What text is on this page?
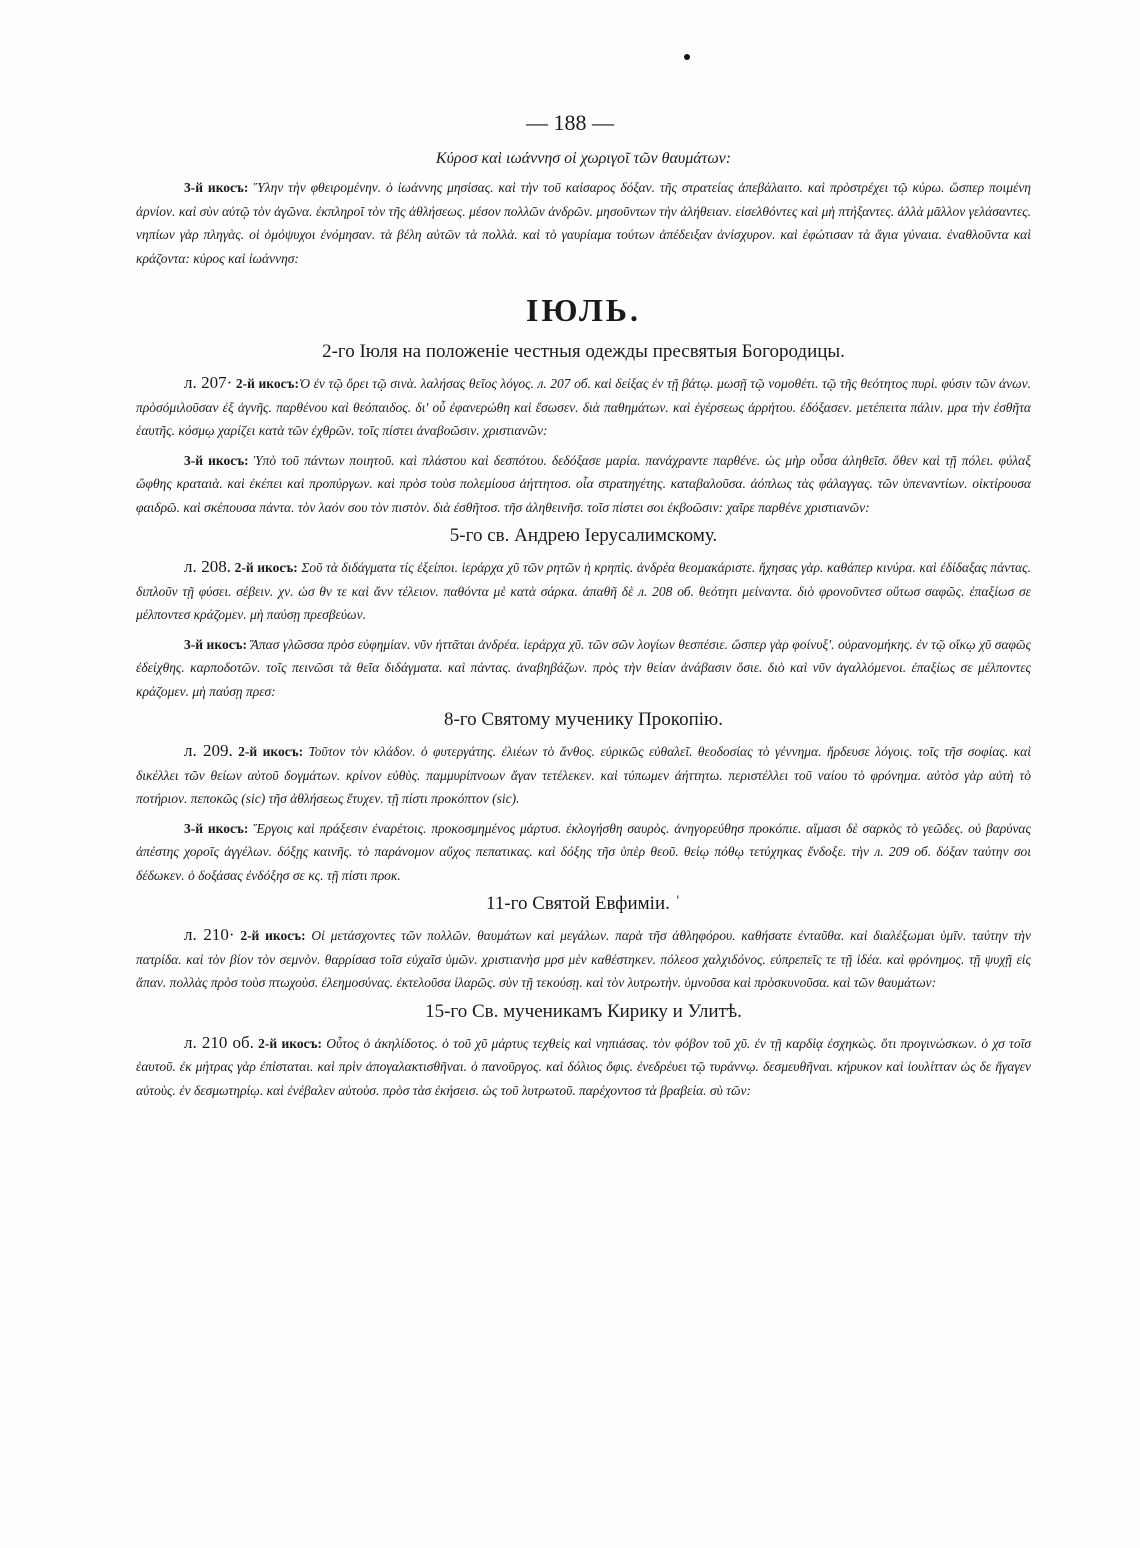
— 188 —
Κύροσ καὶ ιωάννησ οἱ χωριγοῖ τῶν θαυμάτων:

3-й икосъ: Ὕλην τὴν φθειρομένην. ὁ ἰωάννης μησίσας. καὶ τὴν τοῦ καίσαρος δόξαν. τῆς στρατείας ἀπεβάλαιτο. καὶ πρὸστρέχει τῷ κύρω. ὥσπερ ποιμένη ἀρνίον. καὶ σὺν αὐτῷ τὸν ἀγῶνα. ἐκπληροῖ τὸν τῆς ἀθλήσεως. μέσον πολλῶν ἀνδρῶν. μησοῦντων τὴν ἀλήθειαν. εἰσελθόντες καὶ μὴ πτήξαντες. ἀλλὰ μᾶλλον γελάσαντες. νηπίων γὰρ πληγὰς. οἱ ὁμόψυχοι ἐνόμησαν. τὰ βέλη αὐτῶν τὰ πολλὰ. καὶ τὸ γαυρίαμα τούτων ἀπέδειξαν ἀνίσχυρον. καὶ ἐφώτισαν τὰ ἅγια γύναια. ἐναθλοῦντα καὶ κράζοντα: κύρος καὶ ἰωάννησ:

IЮЛЬ.
2-го Іюля на положеніе честныя одежды пресвятыя Богородицы.

л. 207· 2-й икосъ:Ὁ ἐν τῷ ὄρει τῷ σινὰ. λαλήσας θεῖος λόγος. л. 207 об. καὶ δείξας ἐν τῇ βάτῳ. μωσῇ τῷ νομοθέτι. τῷ τῆς θεότητος πυρὶ. φύσιν τῶν ἀνων. πρὸσόμιλοῦσαν ἐξ ἁγνῆς. παρθένου καὶ θεόπαιδος. δι' οὗ ἐφανερώθη καὶ ἔσωσεν. διὰ παθημάτων. καὶ ἐγέρσεως ἀρρήτου. ἐδόξασεν. μετέπειτα πάλιν. μρα τὴν ἐσθῆτα ἑαυτῆς. κόσμῳ χαρίζει κατὰ τῶν ἐχθρῶν. τοῖς πίστει ἀναβοῶσιν. χριστιανῶν:

3-й икосъ: Ὑπὸ τοῦ πάντων ποιητοῦ. καὶ πλάστου καὶ δεσπότου. δεδόξασε μαρία. πανάχραντε παρθένε. ὡς μὴρ οὖσα ἀληθεῖσ. ὅθεν καὶ τῇ πόλει. φύλαξ ὤφθης κραταιὰ. καὶ ἐκέπει καὶ προπύργων. καὶ πρὸσ τοὺσ πολεμίουσ ἀήττητοσ. οἷα στρατηγέτης. καταβαλοῦσα. ἀόπλως τὰς φάλαγγας. τῶν ὑπεναντίων. οἰκτίρουσα φαιδρῶ. καὶ σκέπουσα πάντα. τὸν λαόν σου τὸν πιστὸν. διὰ ἐσθῆτοσ. τῆσ ἀληθεινῆσ. τοῖσ πίστει σοι ἐκβοῶσιν: χαῖρε παρθένε χριστιανῶν:

5-го св. Андрею Іерусалимскому.

л. 208. 2-й икосъ: Σοῦ τὰ διδάγματα τίς ἐξείποι. ἱεράρχα χῦ τῶν ρητῶν ἡ κρηπὶς. ἀνδρέα θεομακάριστε. ἤχησας γὰρ. καθάπερ κινύρα. καὶ ἐδίδαξας πάντας. διπλοῦν τῇ φύσει. σέβειν. χν. ὡσ θν τε καὶ ἄνν τέλειον. παθόντα μὲ κατὰ σάρκα. ἀπαθῆ δὲ л. 208 об. θεότητι μείναντα. διὸ φρονοῦντεσ οὕτωσ σαφῶς. ἐπαξίωσ σε μέλποντεσ κράζομεν. μὴ παύσῃ πρεσβεύων.

3-й икосъ: Ἅπασ γλῶσσα πρὸσ εὐφημίαν. νῦν ἡττᾶται ἀνδρέα. ἱεράρχα χῦ. τῶν σῶν λογίων θεσπέσιε. ὥσπερ γὰρ φοίνυξ'. οὐρανομήκης. ἐν τῷ οἴκῳ χῦ σαφῶς ἐδείχθης. καρποδοτῶν. τοῖς πεινῶσι τὰ θεῖα διδάγματα. καὶ πάντας. ἀναβηβάζων. πρὸς τὴν θείαν ἀνάβασιν ὅσιε. διὸ καὶ νῦν ἀγαλλόμενοι. ἐπαξίως σε μέλποντες κράζομεν. μὴ παύσῃ πρεσ:

8-го Святому мученику Прокопію.

л. 209. 2-й икосъ: Τοῦτον τὸν κλάδον. ὁ φυτεργάτης. ἐλιέων τὸ ἄνθος. εὐρικῶς εὐθαλεῖ. θεοδοσίας τὸ γέννημα. ἤρδευσε λόγοις. τοῖς τῆσ σοφίας. καὶ δικέλλει τῶν θείων αὐτοῦ δογμάτων. κρίνον εὐθὺς. παμμυρίπνοων ἄγαν τετέλεκεν. καὶ τύπωμεν ἀήττητω. περιστέλλει τοῦ ναίου τὸ φρόνημα. αὐτὸσ γὰρ αὐτὴ τὸ ποτήριον. πεπoκῶς (sic) τῆσ ἀθλήσεως ἔτυχεν. τῇ πίστι προκόπτον (sic).

3-й икосъ: Ἔργοις καὶ πράξεσιν ἐναρέτοις. προκοσμημένος μάρτυσ. ἐκλογήσθη σαυρὸς. ἀνηγορεύθησ προκόπιε. αἵμασι δὲ σαρκὸς τὸ γεῶδες. οὐ βαρύνας ἀπέστης χοροῖς ἀγγέλων. δόξῃς καινῆς. τὸ παράνομον αὔχος πεπατικας. καὶ δόξης τῆσ ὑπὲρ θεοῦ. θείῳ πόθῳ τετύχηκας ἔνδοξε. τὴν л. 209 об. δόξαν ταύτην σοι δέδωκεν. ὁ δοξάσας ἐνδόξησ σε κς. τῇ πίστι προκ.

11-го Святой Евфиміи. ˈ

л. 210· 2-й икосъ: Οἱ μετάσχοντες τῶν πολλῶν. θαυμάτων καὶ μεγάλων. παρὰ τῆσ ἀθληφόρου. καθήσατε ἐνταῦθα. καὶ διαλέξωμαι ὑμῖν. ταύτην τὴν πατρίδα. καὶ τὸν βίον τὸν σεμνὸν. θαρρίσασ τοῖσ εὐχαῖσ ὑμῶν. χριστιανὴσ μρσ μὲν καθέστηκεν. πόλεοσ χαλχιδόνος. εὐπρεπεῖς τε τῇ ἰδέα. καὶ φρόνημος. τῇ ψυχῇ εἰς ἅπαν. πολλὰς πρὸσ τοὺσ πτωχοὺσ. ἐλεημοσύνας. ἐκτελοῦσα ἱλαρῶς. σὺν τῇ τεκούσῃ. καὶ τὸν λυτρωτὴν. ὑμνοῦσα καὶ πρὸσκυνοῦσα. καὶ τῶν θαυμάτων:

15-го Св. мученикамъ Кирику и Улитѣ.

л. 210 об. 2-й икосъ: Οὗτος ὁ ἀκηλίδοτος. ὁ τοῦ χῦ μάρτυς τεχθεὶς καὶ νηπιάσας. τὸν φόβον τοῦ χῦ. ἐν τῇ καρδίᾳ ἐσχηκὼς. ὅτι προγινώσκων. ὁ χσ τοῖσ ἑαυτοῦ. ἐκ μήτρας γὰρ ἐπίσταται. καὶ πρὶν ἀπογαλακτισθῆναι. ὁ πανοῦργος. καὶ δόλιος ὄφις. ἐνεδρέυει τῷ τυράννῳ. δεσμευθῆναι. κήρυκον καὶ ἰουλίτταν ὡς δε ἤγαγεν αὐτοὺς. ἐν δεσμωτηρίῳ. καὶ ἐνέβαλεν αὐτοὺσ. πρὸσ τὰσ ἐκήσεισ. ὡς τοῦ λυτρωτοῦ. παρέχοντοσ τὰ βραβεία. σὺ τῶν:
